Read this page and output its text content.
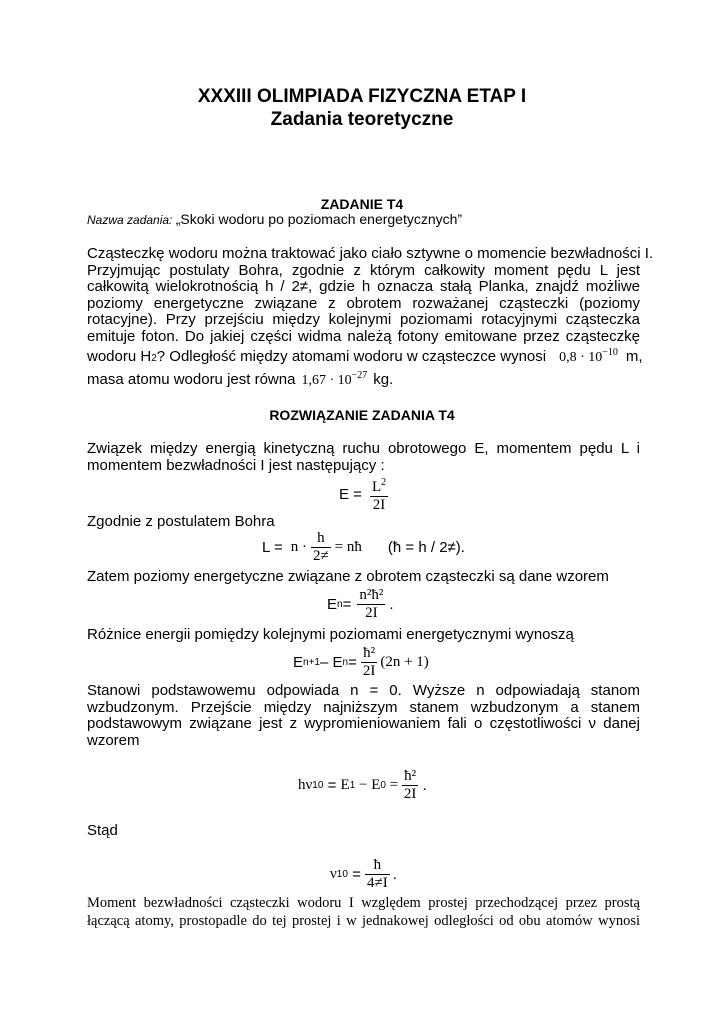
XXXIII OLIMPIADA FIZYCZNA ETAP I
Zadania teoretyczne
ZADANIE T4
Nazwa zadania: „Skoki wodoru po poziomach energetycznych”
Cząsteczkę wodoru można traktować jako ciało sztywne o momencie bezwładności I.
Przyjmując postulaty Bohra, zgodnie z którym całkowity moment pędu L jest
całkowitą wielokrotnością h / 2≠, gdzie h oznacza stałą Planka, znajdź możliwe
poziomy energetyczne związane z obrotem rozważanej cząsteczki (poziomy
rotacyjne). Przy przejściu między kolejnymi poziomami rotacyjnymi cząsteczka
emituje foton. Do jakiej części widma należą fotony emitowane przez cząsteczkę
wodoru H 2 ? Odległość między atomami wodoru w cząsteczce wynosi $0,8 \cdot 10^{-10}$ m,
masa atomu wodoru jest równa $1,67 \cdot 10^{-27}$ kg.
ROZWIĄZANIE ZADANIA T4
Związek między energią kinetyczną ruchu obrotowego E, momentem pędu L i
momentem bezwładności I jest następujący :
$E = \frac{L^2}{2I}$
Zgodnie z postulatem Bohra
$L = n \cdot \frac{h}{2\ne}$ = nħ (ħ = h / 2≠).
Zatem poziomy energetyczne związane z obrotem cząsteczki są dane wzorem
E $n = \frac{\text{n²ħ²}}{2I}$ .
Różnice energii pomiędzy kolejnymi poziomami energetycznymi wynoszą
E n+1 – E $n = \frac{\text{ħ²}}{2I} (2n + 1)$
Stanowi podstawowemu odpowiada n = 0. Wyższe n odpowiadają stanom
wzbudzonym. Przejście między najniższym stanem wzbudzonym a stanem
podstawowym związane jest z wypromieniowaniem fali o częstotliwości ν danej
wzorem
hν 10 = E 1 − E $0 = \frac{\text{ħ²}}{2I}$ .
Stąd
ν $10 = \frac{ħ}{4\ne I}$ .
Moment bezwładności cząsteczki wodoru I względem prostej przechodzącej przez prostą
łączącą atomy, prostopadle do tej prostej i w jednakowej odległości od obu atomów wynosi
